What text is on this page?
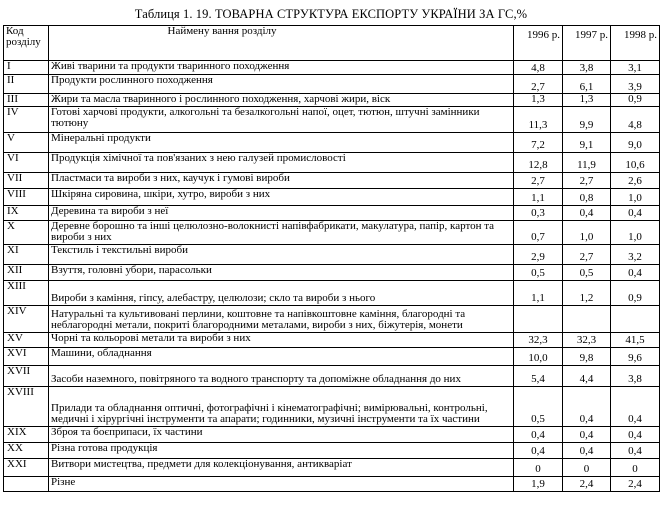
Таблиця 1. 19. ТОВАРНА СТРУКТУРА ЕКСПОРТУ УКРАЇНИ ЗА ГС,%
Код розділу	Наймену вання розділу	1996 р.	1997 р.	1998 р.
I	Живі тварини та продукти тваринного походження	4,8	3,8	3,1
II	Продукти рослинного походження	2,7	6,1	3,9
III	Жири та масла тваринного і рослинного походження, харчові жири, віск	1,3	1,3	0,9
IV	Готові харчові продукти, алкогольні та безалкогольні напої, оцет, тютюн, штучні замінники тютюну	11,3	9,9	4,8
V	Мінеральні продукти	7,2	9,1	9,0
VI	Продукція хімічної та пов'язаних з нею галузей промисловості	12,8	11,9	10,6
VII	Пластмаси та вироби з них, каучук і гумові вироби	2,7	2,7	2,6
VIII	Шкіряна сировина, шкіри, хутро, вироби з них	1,1	0,8	1,0
IX	Деревина та вироби з неї	0,3	0,4	0,4
X	Деревне борошно та інші целюлозно-волокнисті напівфабрикати, макулатура, папір, картон та вироби з них	0,7	1,0	1,0
XI	Текстиль і текстильні вироби	2,9	2,7	3,2
XII	Взуття, головні убори, парасольки	0,5	0,5	0,4
XIII	Вироби з каміння, гіпсу, алебастру, целюлози; скло та вироби з нього	1,1	1,2	0,9
XIV	Натуральні та культивовані перлини, коштовне та напівкоштовне каміння, благородні та неблагородні метали, покриті благородними металами, вироби з них, біжутерія, монети			
XV	Чорні та кольорові метали та вироби з них	32,3	32,3	41,5
XVI	Машини, обладнання	10,0	9,8	9,6
XVII	Засоби наземного, повітряного та водного транспорту та допоміжне обладнання до них	5,4	4,4	3,8
XVIII	Прилади та обладнання оптичні, фотографічні і кінематографічні; вимірювальні, контрольні, медичні і хірургічні інструменти та апарати; годинники, музичні інструменти та їх частини	0,5	0,4	0,4
XIX	Зброя та боєприпаси, їх частини	0,4	0,4	0,4
XX	Різна готова продукція	0,4	0,4	0,4
XXI	Витвори мистецтва, предмети для колекціонування, антикваріат	0	0	0
	Різне	1,9	2,4	2,4
